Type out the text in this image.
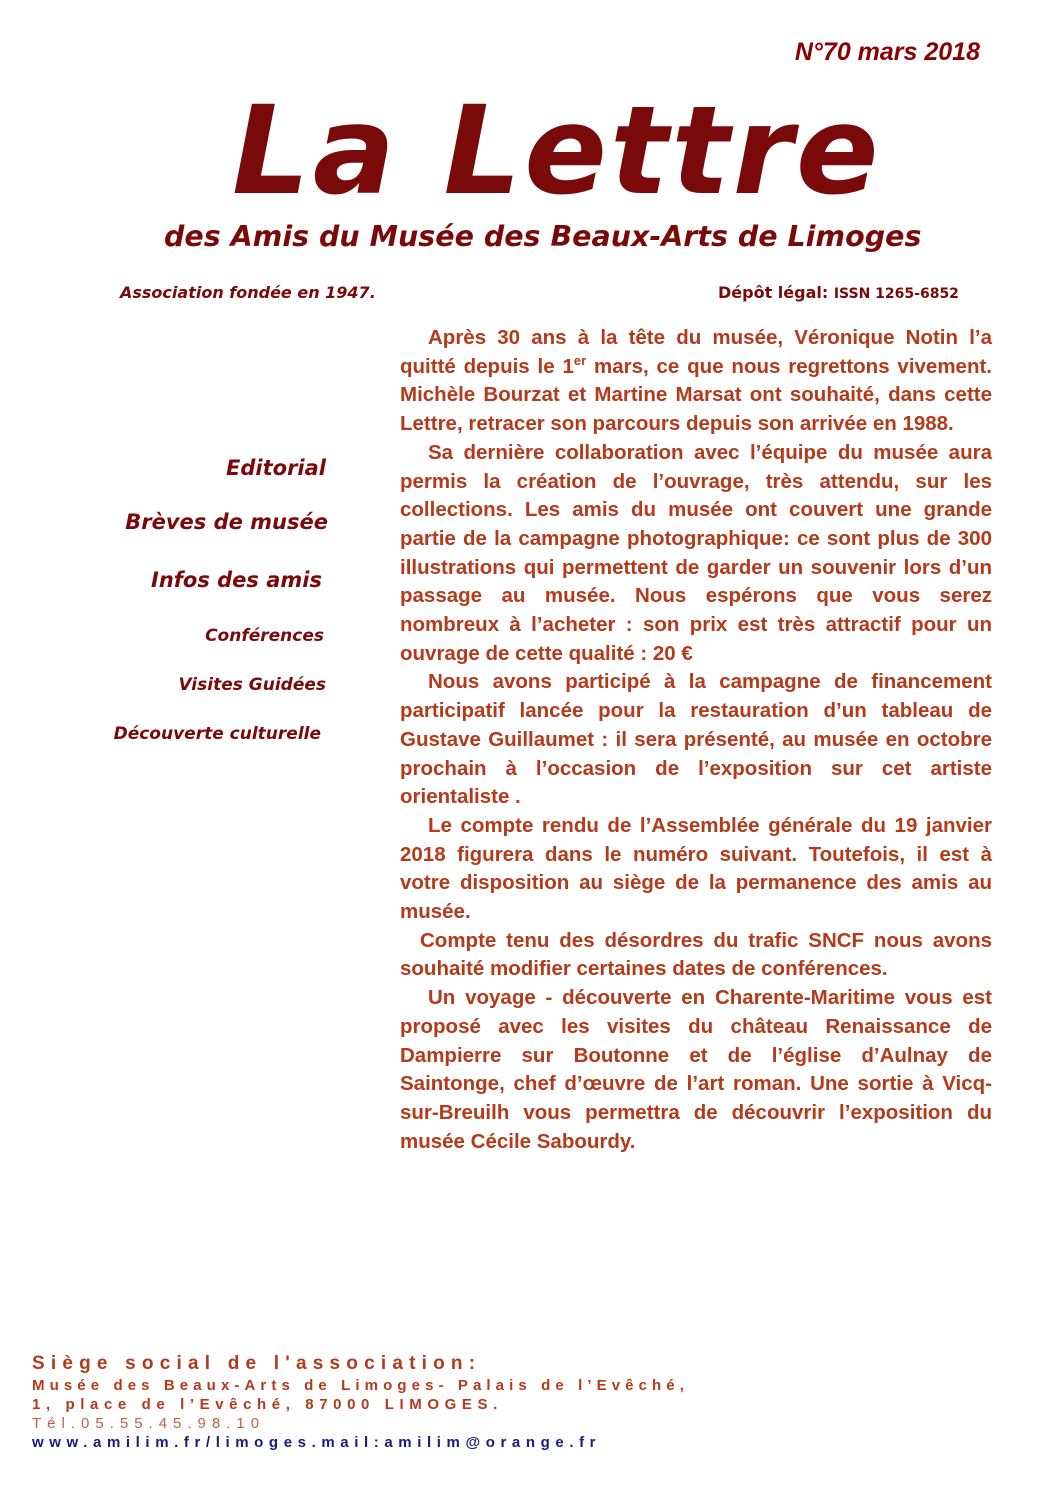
N°70 mars 2018
La Lettre
des Amis du Musée des Beaux-Arts de Limoges
Association fondée en 1947.	Dépôt légal: ISSN 1265-6852
Editorial
Brèves de musée
Infos des amis
Conférences
Visites Guidées
Découverte culturelle

Après 30 ans à la tête du musée, Véronique Notin l’a quitté depuis le 1er mars, ce que nous regrettons vivement. Michèle Bourzat et Martine Marsat ont souhaité, dans cette Lettre, retracer son parcours depuis son arrivée en 1988.

Sa dernière collaboration avec l’équipe du musée aura permis la création de l’ouvrage, très attendu, sur les collections. Les amis du musée ont couvert une grande partie de la campagne photographique: ce sont plus de 300 illustrations qui permettent de garder un souvenir lors d’un passage au musée. Nous espérons que vous serez nombreux à l’acheter : son prix est très attractif pour un ouvrage de cette qualité : 20 €

Nous avons participé à la campagne de financement participatif lancée pour la restauration d’un tableau de Gustave Guillaumet : il sera présenté, au musée en octobre prochain à l’occasion de l’exposition sur cet artiste orientaliste .

Le compte rendu de l’Assemblée générale du 19 janvier 2018 figurera dans le numéro suivant. Toutefois, il est à votre disposition au siège de la permanence des amis au musée.

Compte tenu des désordres du trafic SNCF nous avons souhaité modifier certaines dates de conférences.

Un voyage - découverte en Charente-Maritime vous est proposé avec les visites du château Renaissance de Dampierre sur Boutonne et de l’église d’Aulnay de Saintonge, chef d’œuvre de l’art roman. Une sortie à Vicq-sur-Breuilh vous permettra de découvrir l’exposition du musée Cécile Sabourdy.

Siège social de l'association:
Musée des Beaux-Arts de Limoges- Palais de l’Evêché,
1, place de l’Evêché, 87000 LIMOGES.
Tél.05.55.45.98.10
www.amilim.fr/limoges.mail:amilim@orange.fr
